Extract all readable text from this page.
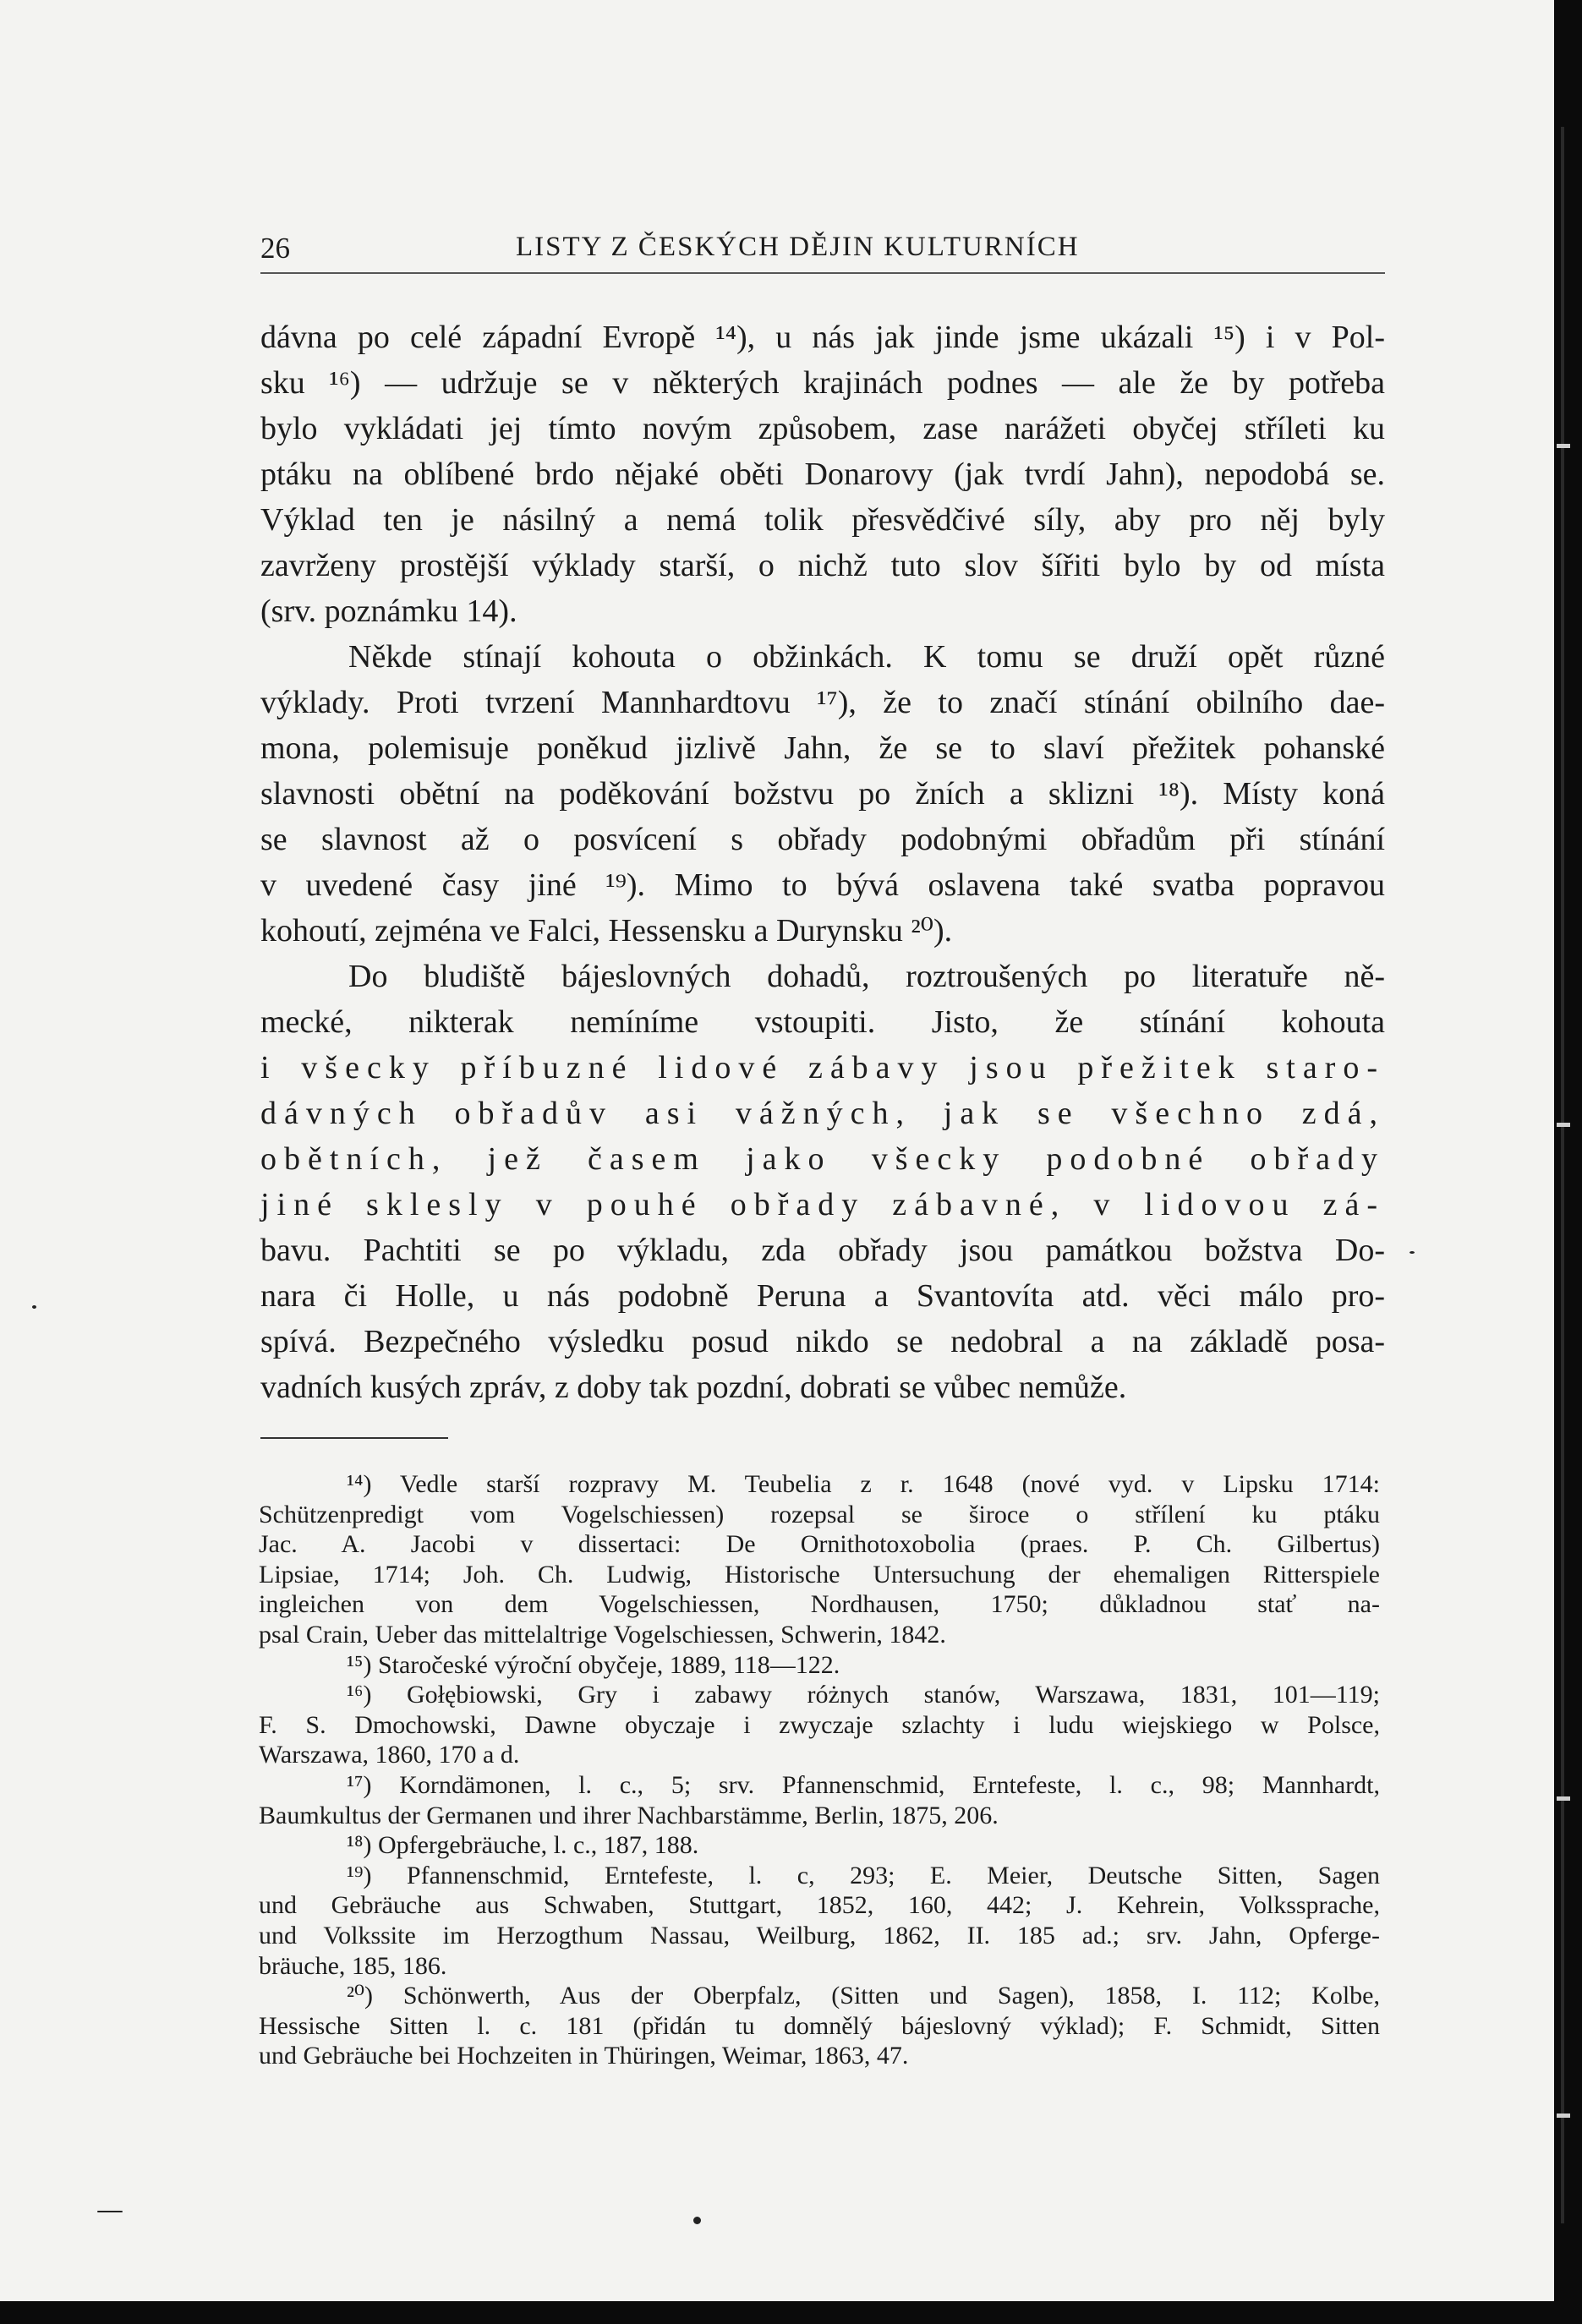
26	LISTY Z ČESKÝCH DĚJIN KULTURNÍCH
dávna po celé západní Evropě ¹⁴), u nás jak jinde jsme ukázali ¹⁵) i v Pol-
sku ¹⁶) — udržuje se v některých krajinách podnes — ale že by potřeba
bylo vykládati jej tímto novým způsobem, zase narážeti obyčej stříleti ku
ptáku na oblíbené brdo nějaké oběti Donarovy (jak tvrdí Jahn), nepodobá se.
Výklad ten je násilný a nemá tolik přesvědčivé síly, aby pro něj byly
zavrženy prostější výklady starší, o nichž tuto slov šířiti bylo by od místa
(srv. poznámku 14).
Někde stínají kohouta o obžinkách. K tomu se druží opět různé
výklady. Proti tvrzení Mannhardtovu ¹⁷), že to značí stínání obilního dae-
mona, polemisuje poněkud jizlivě Jahn, že se to slaví přežitek pohanské
slavnosti obětní na poděkování božstvu po žních a sklizni ¹⁸). Místy koná
se slavnost až o posvícení s obřady podobnými obřadům při stínání
v uvedené časy jiné ¹⁹). Mimo to bývá oslavena také svatba popravou
kohoutí, zejména ve Falci, Hessensku a Durynsku ²⁰).
Do bludiště bájeslovných dohadů, roztroušených po literatuře ně-
mecké, nikterak nemíníme vstoupiti. Jisto, že stínání kohouta
i všecky příbuzné lidové zábavy jsou přežitek staro-
dávných obřadův asi vážných, jak se všechno zdá,
obětních, jež časem jako všecky podobné obřady
jiné sklesly v pouhé obřady zábavné, v lidovou zá-
bavu. Pachtiti se po výkladu, zda obřady jsou památkou božstva Do-
nara či Holle, u nás podobně Peruna a Svantovíta atd. věci málo pro-
spívá. Bezpečného výsledku posud nikdo se nedobral a na základě posa-
vadních kusých zpráv, z doby tak pozdní, dobrati se vůbec nemůže.
¹⁴) Vedle starší rozpravy M. Teubelia z r. 1648 (nové vyd. v Lipsku 1714:
Schützenpredigt vom Vogelschiessen) rozepsal se široce o střílení ku ptáku
Jac. A. Jacobi v dissertaci: De Ornithotoxobolia (praes. P. Ch. Gilbertus)
Lipsiae, 1714; Joh. Ch. Ludwig, Historische Untersuchung der ehemaligen Ritterspiele
ingleichen von dem Vogelschiessen, Nordhausen, 1750; důkladnou stať na-
psal Crain, Ueber das mittelaltrige Vogelschiessen, Schwerin, 1842.
¹⁵) Staročeské výroční obyčeje, 1889, 118—122.
¹⁶) Gołębiowski, Gry i zabawy różnych stanów, Warszawa, 1831, 101—119;
F. S. Dmochowski, Dawne obyczaje i zwyczaje szlachty i ludu wiejskiego w Polsce,
Warszawa, 1860, 170 a d.
¹⁷) Korndämonen, l. c., 5; srv. Pfannenschmid, Erntefeste, l. c., 98; Mannhardt,
Baumkultus der Germanen und ihrer Nachbarstämme, Berlin, 1875, 206.
¹⁸) Opfergebräuche, l. c., 187, 188.
¹⁹) Pfannenschmid, Erntefeste, l. c, 293; E. Meier, Deutsche Sitten, Sagen
und Gebräuche aus Schwaben, Stuttgart, 1852, 160, 442; J. Kehrein, Volkssprache,
und Volkssite im Herzogthum Nassau, Weilburg, 1862, II. 185 ad.; srv. Jahn, Opferge-
bräuche, 185, 186.
²⁰) Schönwerth, Aus der Oberpfalz, (Sitten und Sagen), 1858, I. 112; Kolbe,
Hessische Sitten l. c. 181 (přidán tu domnělý bájeslovný výklad); F. Schmidt, Sitten
und Gebräuche bei Hochzeiten in Thüringen, Weimar, 1863, 47.
